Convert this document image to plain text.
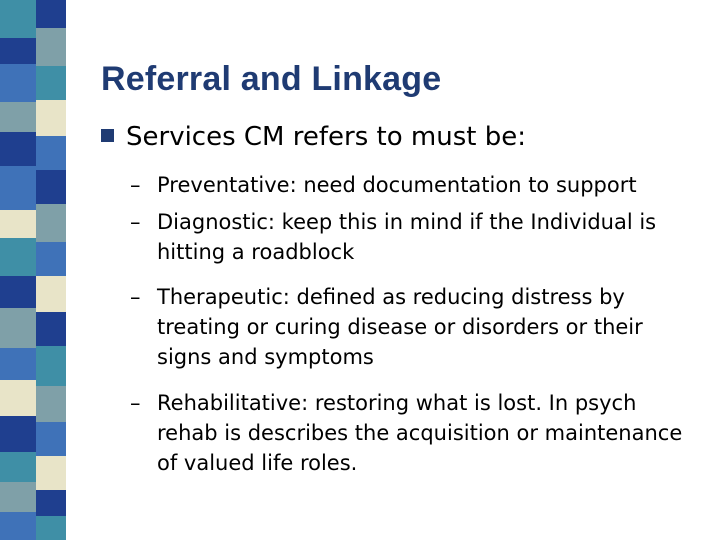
Referral and Linkage
Services CM refers to must be:
– Preventative: need documentation to support
– Diagnostic: keep this in mind if the Individual is hitting a roadblock
– Therapeutic: defined as reducing distress by treating or curing disease or disorders or their signs and symptoms
– Rehabilitative: restoring what is lost. In psych rehab is describes the acquisition or maintenance of valued life roles.
